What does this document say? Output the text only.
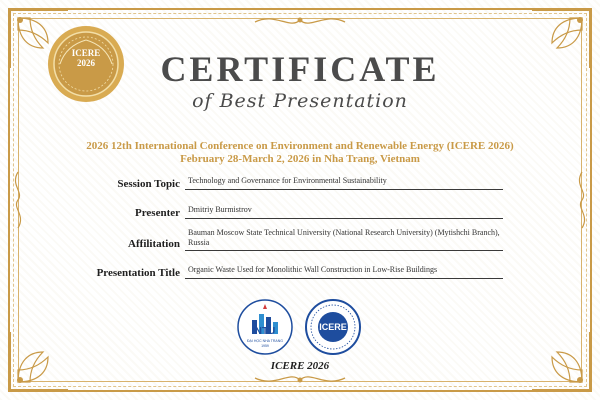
ICERE
2026	CERTIFICATE
of Best Presentation
2026 12th International Conference on Environment and Renewable Energy (ICERE 2026)
February 28-March 2, 2026 in Nha Trang, Vietnam
Session Topic Technology and Governance for Environmental Sustainability
Presenter Dmitriy Burmistrov
Affilitation
Bauman Moscow State Technical University (National Research University) (Mytishchi Branch), Russia
Presentation Title Organic Waste Used for Monolithic Wall Construction in Low-Rise Buildings
NTU
ĐẠI HỌC NHA TRANG
1959
ICERE
ICERE 2026
